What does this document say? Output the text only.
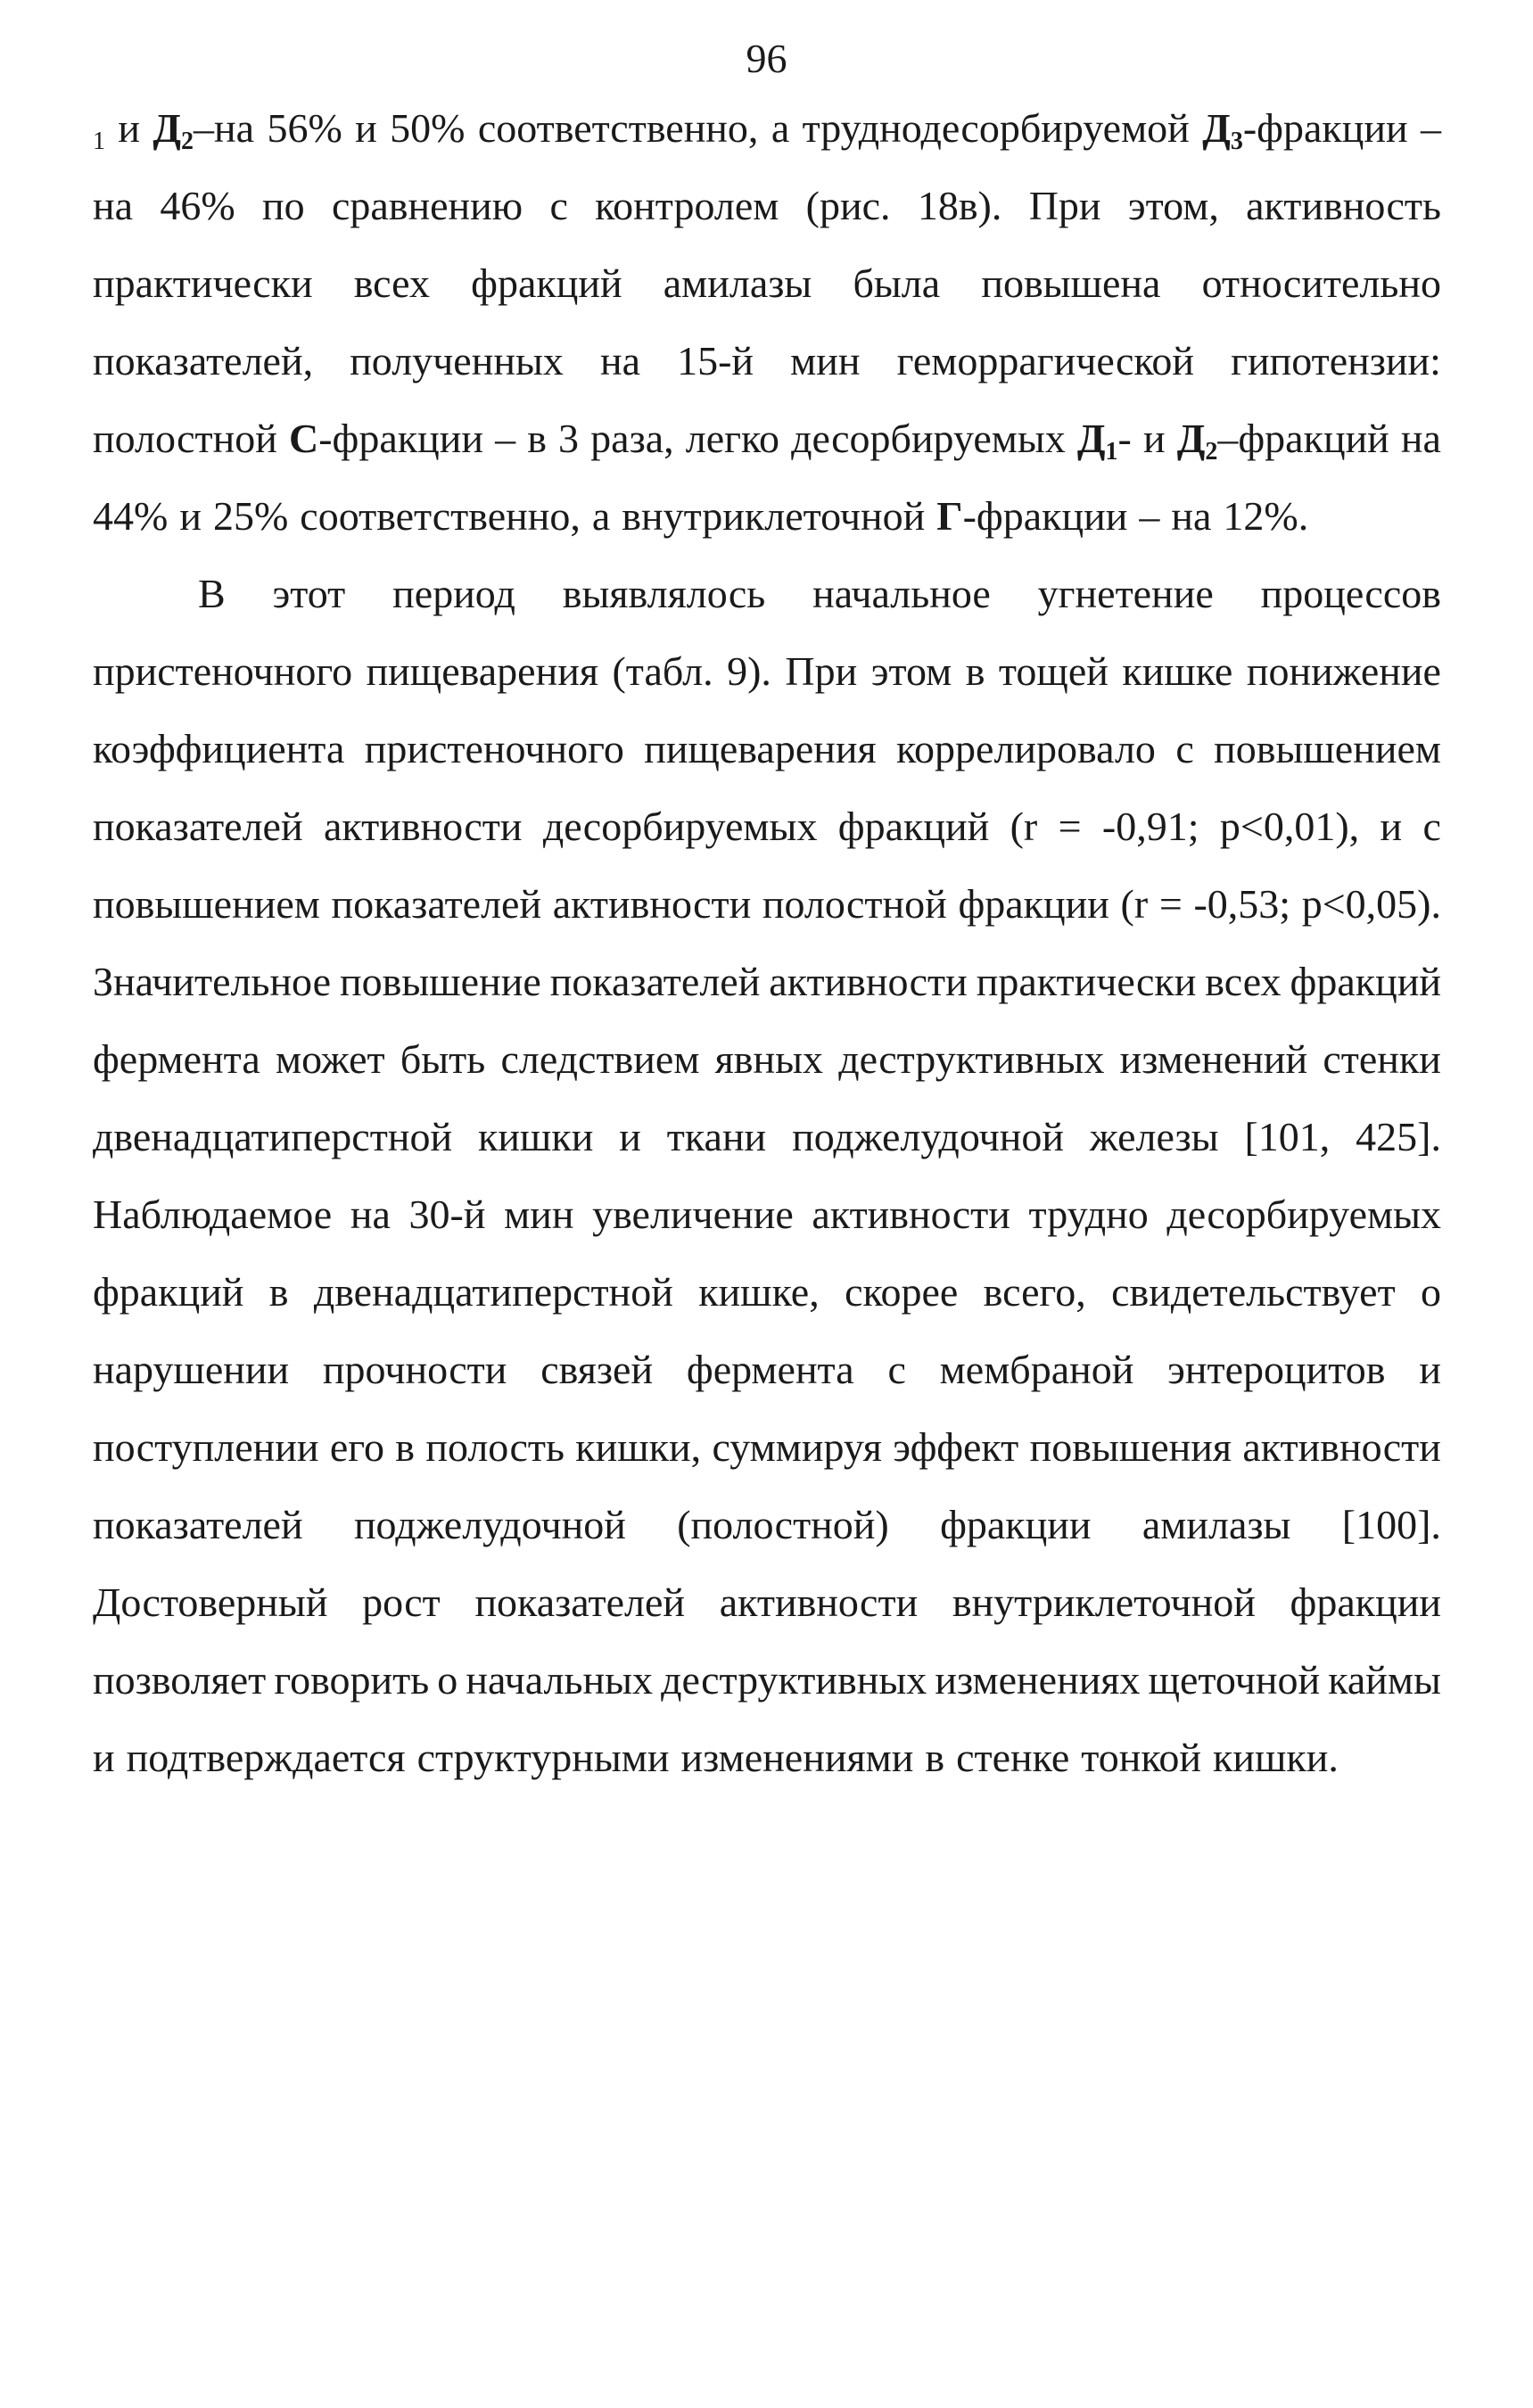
96
$_1$ и $Д_2-на$ 56% и 50% соответственно, а труднодесорбируемой $Д_3$-фракции –
на 46% по сравнению с контролем (рис. 18в). При этом, активность
практически всех фракций амилазы была повышена относительно
показателей, полученных на 15-й мин геморрагической гипотензии:
полостной С-фракции – в 3 раза, легко десорбируемых $Д_1-$ и $Д_2$–фракций на
44% и 25% соответственно, а внутриклеточной Г-фракции – на 12%.
В этот период выявлялось начальное угнетение процессов
пристеночного пищеварения (табл. 9). При этом в тощей кишке понижение
коэффициента пристеночного пищеварения коррелировало с повышением
показателей активности десорбируемых фракций (r = -0,91; p<0,01), и с
повышением показателей активности полостной фракции (r = -0,53; p<0,05).
Значительное повышение показателей активности практически всех фракций
фермента может быть следствием явных деструктивных изменений стенки
двенадцатиперстной кишки и ткани поджелудочной железы [101, 425].
Наблюдаемое на 30-й мин увеличение активности трудно десорбируемых
фракций в двенадцатиперстной кишке, скорее всего, свидетельствует о
нарушении прочности связей фермента с мембраной энтероцитов и
поступлении его в полость кишки, суммируя эффект повышения активности
показателей поджелудочной (полостной) фракции амилазы [100].
Достоверный рост показателей активности внутриклеточной фракции
позволяет говорить о начальных деструктивных изменениях щеточной каймы
и подтверждается структурными изменениями в стенке тонкой кишки.
